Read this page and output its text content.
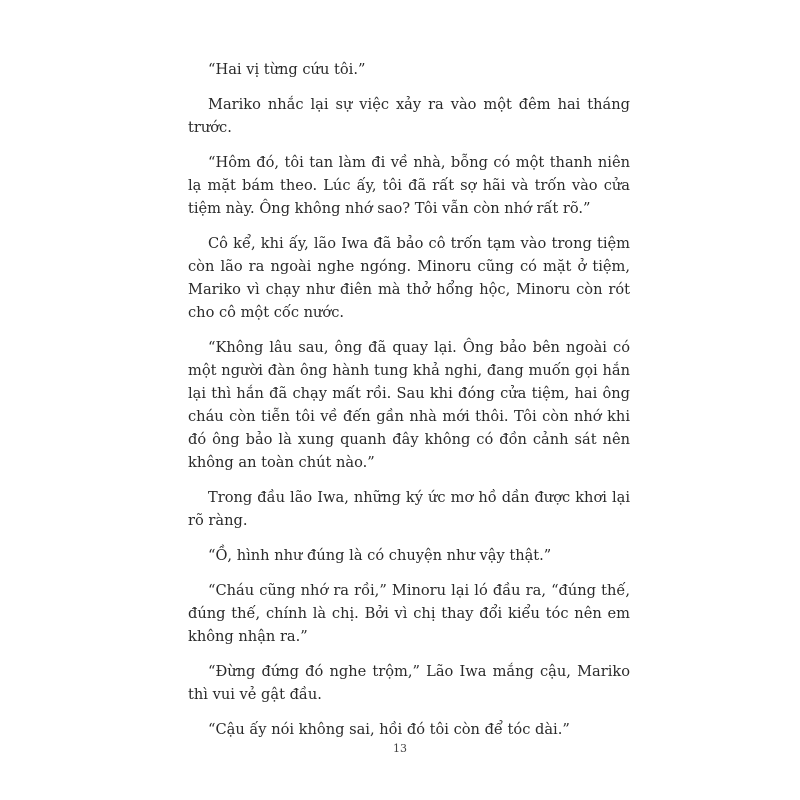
“Hai vị từng cứu tôi.”

Mariko nhắc lại sự việc xảy ra vào một đêm hai tháng trước.

“Hôm đó, tôi tan làm đi về nhà, bỗng có một thanh niên lạ mặt bám theo. Lúc ấy, tôi đã rất sợ hãi và trốn vào cửa tiệm này. Ông không nhớ sao? Tôi vẫn còn nhớ rất rõ.”

Cô kể, khi ấy, lão Iwa đã bảo cô trốn tạm vào trong tiệm còn lão ra ngoài nghe ngóng. Minoru cũng có mặt ở tiệm, Mariko vì chạy như điên mà thở hổng hộc, Minoru còn rót cho cô một cốc nước.

“Không lâu sau, ông đã quay lại. Ông bảo bên ngoài có một người đàn ông hành tung khả nghi, đang muốn gọi hắn lại thì hắn đã chạy mất rồi. Sau khi đóng cửa tiệm, hai ông cháu còn tiễn tôi về đến gần nhà mới thôi. Tôi còn nhớ khi đó ông bảo là xung quanh đây không có đồn cảnh sát nên không an toàn chút nào.”

Trong đầu lão Iwa, những ký ức mơ hồ dần được khơi lại rõ ràng.

“Ồ, hình như đúng là có chuyện như vậy thật.”

“Cháu cũng nhớ ra rồi,” Minoru lại ló đầu ra, “đúng thế, đúng thế, chính là chị. Bởi vì chị thay đổi kiểu tóc nên em không nhận ra.”

“Đừng đứng đó nghe trộm,” Lão Iwa mắng cậu, Mariko thì vui vẻ gật đầu.

“Cậu ấy nói không sai, hồi đó tôi còn để tóc dài.”

13
